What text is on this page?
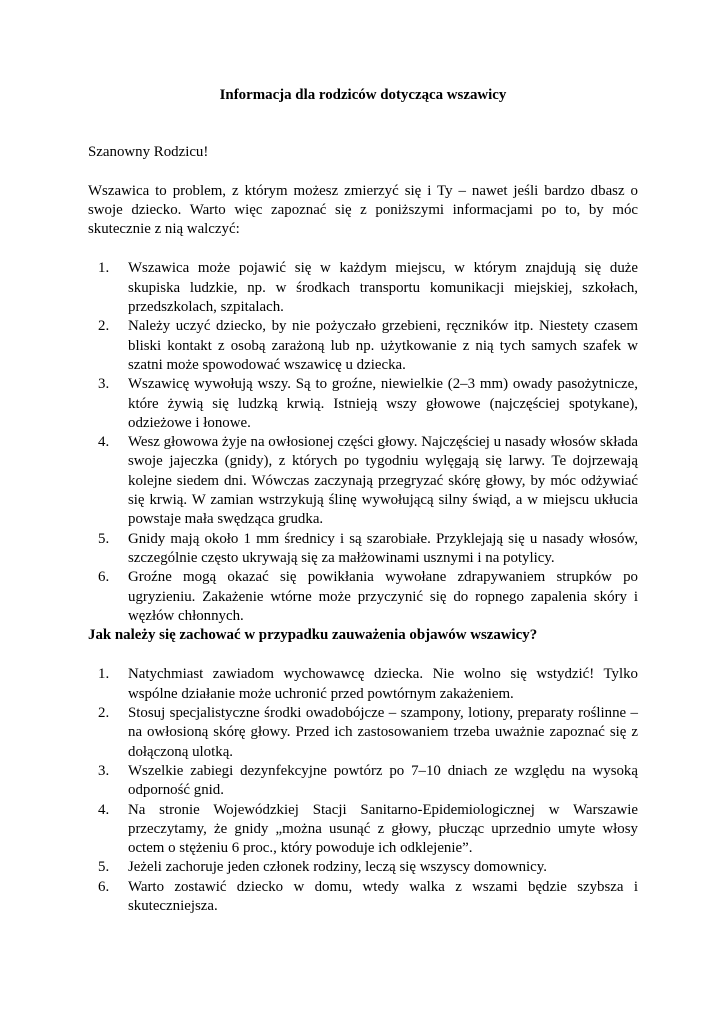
Informacja dla rodziców dotycząca wszawicy
Szanowny Rodzicu!
Wszawica to problem, z którym możesz zmierzyć się i Ty – nawet jeśli bardzo dbasz o swoje dziecko. Warto więc zapoznać się z poniższymi informacjami po to, by móc skutecznie z nią walczyć:
1.	Wszawica może pojawić się w każdym miejscu, w którym znajdują się duże skupiska ludzkie, np. w środkach transportu komunikacji miejskiej, szkołach, przedszkolach, szpitalach.
2.	Należy uczyć dziecko, by nie pożyczało grzebieni, ręczników itp. Niestety czasem bliski kontakt z osobą zarażoną lub np. użytkowanie z nią tych samych szafek w szatni może spowodować wszawicę u dziecka.
3.	Wszawicę wywołują wszy. Są to groźne, niewielkie (2–3 mm) owady pasożytnicze, które żywią się ludzką krwią. Istnieją wszy głowowe (najczęściej spotykane), odzieżowe i łonowe.
4.	Wesz głowowa żyje na owłosionej części głowy. Najczęściej u nasady włosów składa swoje jajeczka (gnidy), z których po tygodniu wylęgają się larwy. Te dojrzewają kolejne siedem dni. Wówczas zaczynają przegryzać skórę głowy, by móc odżywiać się krwią. W zamian wstrzykują ślinę wywołującą silny świąd, a w miejscu ukłucia powstaje mała swędząca grudka.
5.	Gnidy mają około 1 mm średnicy i są szarobiałe. Przyklejają się u nasady włosów, szczególnie często ukrywają się za małżowinami usznymi i na potylicy.
6.	Groźne mogą okazać się powikłania wywołane zdrapywaniem strupków po ugryzieniu. Zakażenie wtórne może przyczynić się do ropnego zapalenia skóry i węzłów chłonnych.
Jak należy się zachować w przypadku zauważenia objawów wszawicy?
1.	Natychmiast zawiadom wychowawcę dziecka. Nie wolno się wstydzić! Tylko wspólne działanie może uchronić przed powtórnym zakażeniem.
2.	Stosuj specjalistyczne środki owadobójcze – szampony, lotiony, preparaty roślinne – na owłosioną skórę głowy. Przed ich zastosowaniem trzeba uważnie zapoznać się z dołączoną ulotką.
3.	Wszelkie zabiegi dezynfekcyjne powtórz po 7–10 dniach ze względu na wysoką odporność gnid.
4.	Na stronie Wojewódzkiej Stacji Sanitarno-Epidemiologicznej w Warszawie przeczytamy, że gnidy „można usunąć z głowy, płucząc uprzednio umyte włosy octem o stężeniu 6 proc., który powoduje ich odklejenie”.
5.	Jeżeli zachoruje jeden członek rodziny, leczą się wszyscy domownicy.
6.	Warto zostawić dziecko w domu, wtedy walka z wszami będzie szybsza i skuteczniejsza.
